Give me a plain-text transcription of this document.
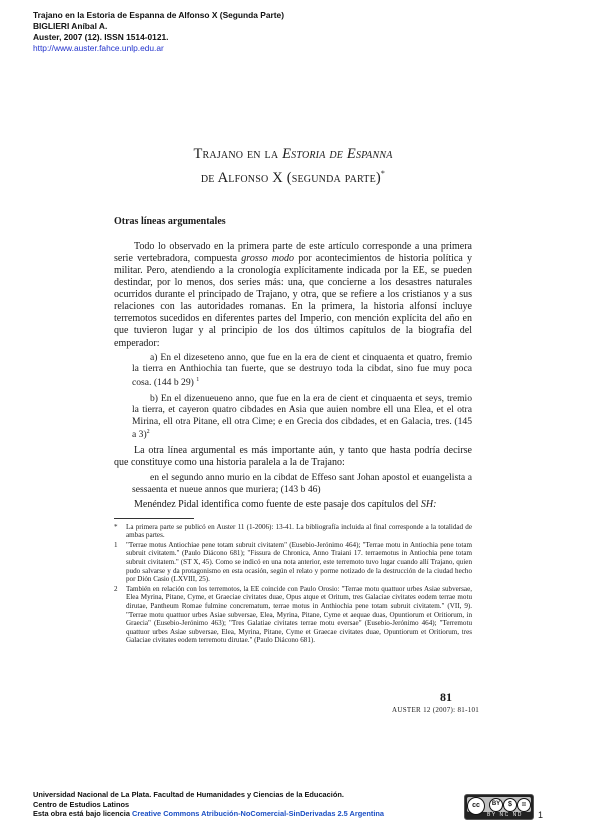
Trajano en la Estoria de Espanna de Alfonso X (Segunda Parte)
BIGLIERI Aníbal A.
Auster, 2007 (12). ISSN 1514-0121.
http://www.auster.fahce.unlp.edu.ar
Trajano en la Estoria de Espanna
de Alfonso X (segunda parte)*
Otras líneas argumentales

Todo lo observado en la primera parte de este artículo corresponde a una primera serie vertebradora, compuesta grosso modo por acontecimientos de historia política y militar. Pero, atendiendo a la cronología explícitamente indicada por la EE, se pueden destindar, por lo menos, dos series más: una, que concierne a los desastres naturales ocurridos durante el principado de Trajano, y otra, que se refiere a los cristianos y a sus relaciones con las autoridades romanas. En la primera, la historia alfonsí incluye terremotos sucedidos en diferentes partes del Imperio, con mención explícita del año en que tuvieron lugar y al principio de los dos últimos capítulos de la biografía del emperador:

a) En el dizeseteno anno, que fue en la era de cient et cinquaenta et quatro, fremio la tierra en Anthiochia tan fuerte, que se destruyo toda la cibdat, sino fue muy poca cosa. (144 b 29) $^1$

b) En el dizenueueno anno, que fue en la era de cient et cinquaenta et seys, tremio la tierra, et cayeron quatro cibdades en Asia que auien nombre ell una Elea, et el otra Mirina, ell otra Pitane, ell otra Cime; e en Grecia dos cibdades, et en Galacia, tres. (145 a 3)$^2$

La otra línea argumental es más importante aún, y tanto que hasta podría decirse que constituye como una historia paralela a la de Trajano:

en el segundo anno murio en la cibdat de Effeso sant Johan apostol et euangelista a sessaenta et nueue annos que muriera; (143 b 46)

Menéndez Pidal identifica como fuente de este pasaje dos capítulos del SH:

* La primera parte se publicó en Auster 11 (1-2006): 13-41. La bibliografía incluida al final corresponde a la totalidad de ambas partes.

1 "Terrae motus Antiochiae pene totam subruit civitatem" (Eusebio-Jerónimo 464); "Terrae motu in Antiochia pene totam subruit civitatem." (Paulo Diácono 681); "Fissura de Chronica, Anno Traiani 17. terraemotus in Antiochia pene totam subruit civitatem." (ST X, 45). Como se indicó en una nota anterior, este terremoto tuvo lugar cuando allí Trajano, quien pudo salvarse y da protagonismo en esta ocasión, según el relato y porme notizado de la destrucción de la ciudad hecho por Dión Casio (LXVIII, 25).

2 También en relación con los terremotos, la EE coincide con Paulo Orosio: "Terrae motu quattuor urbes Asiae subversae, Elea Myrina, Pitane, Cyme, et Graeciae civitates duae, Opus atque et Oritum, tres Galaciae civitates eodem terrae motu dirutae, Pantheum Romae fulmine concrematum, terrae motus in Anthiochia pene totam subruit civitatem." (VII, 9). "Terrae motu quattuor urbes Asiae subversae, Elea, Myrina, Pitane, Cyme et aequae duas, Opuntiorum et Oritiorum, in Graecia" (Eusebio-Jerónimo 463); "Tres Galatiae civitates terrae motu eversae" (Eusebio-Jerónimo 464); "Terremotu quattuor urbes Asiae subversae, Elea, Myrina, Pitane, Cyme et Graecae civitates duae, Opuntiorum et Oritiorum, tres Galaciae civitates eodem terremotu dirutae." (Paulo Diácono 681).

81
AUSTER 12 (2007): 81-101
Universidad Nacional de La Plata. Facultad de Humanidades y Ciencias de la Educación.
Centro de Estudios Latinos
Esta obra está bajo licencia Creative Commons Atribución-NoComercial-SinDerivadas 2.5 Argentina
cc	BY	$	=
BY NC ND 1
